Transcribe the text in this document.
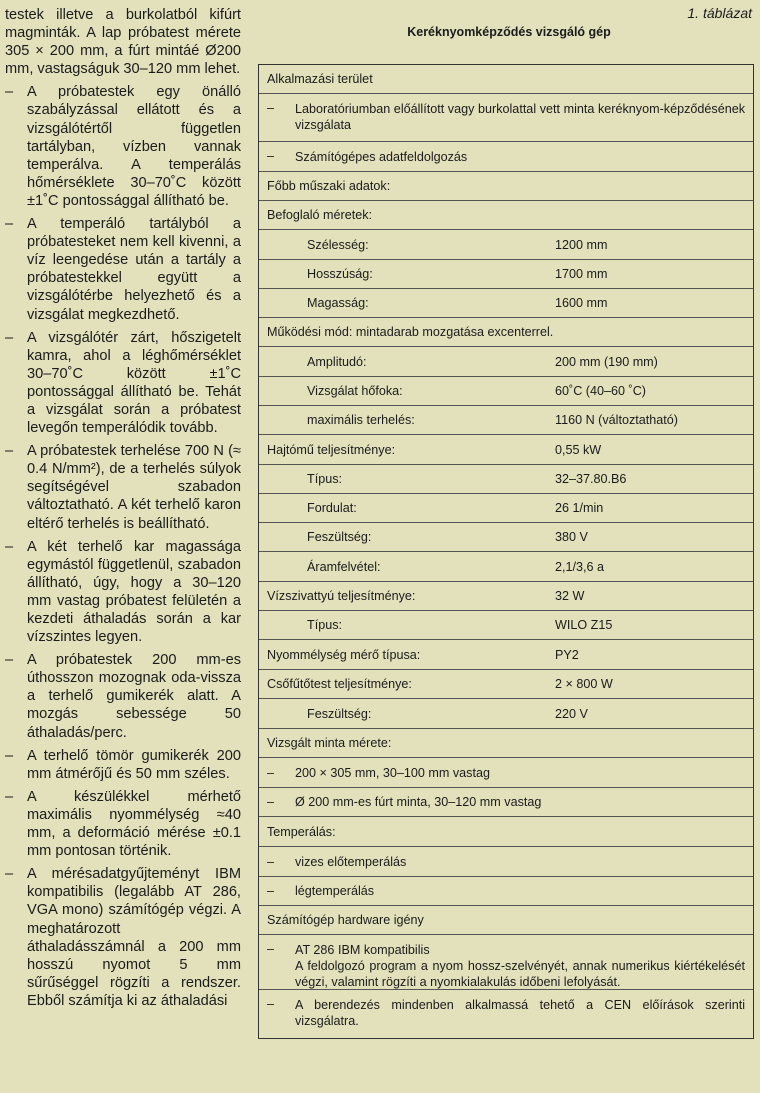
testek illetve a burkolatból kifúrt magminták. A lap próbatest mérete 305 × 200 mm, a fúrt mintáé Ø200 mm, vastagságuk 30–120 mm lehet.

– A próbatestek egy önálló szabályzással ellátott és a vizsgálótértől független tartályban, vízben vannak temperálva. A temperálás hőmérséklete 30–70˚C között ±1˚C pontossággal állítható be.
– A temperáló tartályból a próbatesteket nem kell kivenni, a víz leengedése után a tartály a próbatestekkel együtt a vizsgálótérbe helyezhető és a vizsgálat megkezdhető.
– A vizsgálótér zárt, hőszigetelt kamra, ahol a léghőmérséklet 30–70˚C között ±1˚C pontossággal állítható be. Tehát a vizsgálat során a próbatest levegőn temperálódik tovább.
– A próbatestek terhelése 700 N (≈ 0.4 N/mm²), de a terhelés súlyok segítségével szabadon változtatható. A két terhelő karon eltérő terhelés is beállítható.
– A két terhelő kar magassága egymástól függetlenül, szabadon állítható, úgy, hogy a 30–120 mm vastag próbatest felületén a kezdeti áthaladás során a kar vízszintes legyen.
– A próbatestek 200 mm-es úthosszon mozognak oda-vissza a terhelő gumikerék alatt. A mozgás sebessége 50 áthaladás/perc.
– A terhelő tömör gumikerék 200 mm átmérőjű és 50 mm széles.
– A készülékkel mérhető maximális nyommélység ≈40 mm, a deformáció mérése ±0.1 mm pontosan történik.
– A mérésadatgyűjteményt IBM kompatibilis (legalább AT 286, VGA mono) számítógép végzi. A meghatározott áthaladásszámnál a 200 mm hosszú nyomot 5 mm sűrűséggel rögzíti a rendszer. Ebből számítja ki az áthaladási
1. táblázat
Keréknyomképződés vizsgáló gép
Alkalmazási terület
–	Laboratóriumban előállított vagy burkolattal vett minta keréknyom-képződésének vizsgálata
–	Számítógépes adatfeldolgozás
Főbb műszaki adatok:
Befoglaló méretek:
Szélesség:	1200 mm
Hosszúság:	1700 mm
Magasság:	1600 mm
Működési mód: mintadarab mozgatása excenterrel.
Amplitudó:	200 mm (190 mm)
Vizsgálat hőfoka:	60˚C (40–60 ˚C)
maximális terhelés:	1160 N (változtatható)
Hajtómű teljesítménye:	0,55 kW
Típus:	32–37.80.B6
Fordulat:	26 1/min
Feszültség:	380 V
Áramfelvétel:	2,1/3,6 a
Vízszivattyú teljesítménye:	32 W
Típus:	WILO Z15
Nyommélység mérő típusa:	PY2
Csőfűtőtest teljesítménye:	2 × 800 W
Feszültség:	220 V
Vizsgált minta mérete:
–	200 × 305 mm, 30–100 mm vastag
–	Ø 200 mm-es fúrt minta, 30–120 mm vastag
Temperálás:
–	vizes előtemperálás
–	légtemperálás
Számítógép hardware igény
–	AT 286 IBM kompatibilis
A feldolgozó program a nyom hossz-szelvényét, annak numerikus kiértékelését végzi, valamint rögzíti a nyomkialakulás időbeni lefolyását.
–	A berendezés mindenben alkalmassá tehető a CEN előírások szerinti vizsgálatra.
